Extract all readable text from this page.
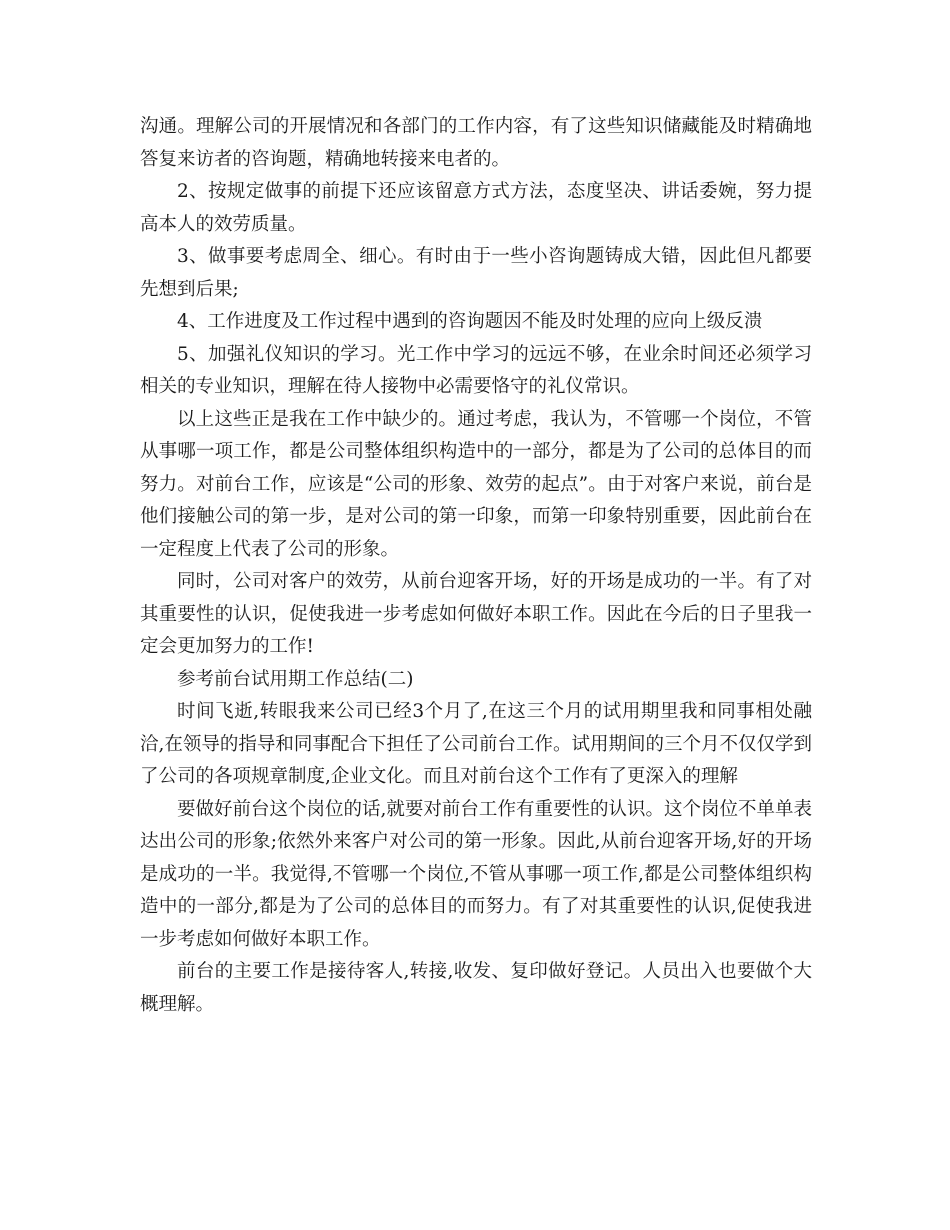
沟通。理解公司的开展情况和各部门的工作内容，有了这些知识储藏能及时精确地答复来访者的咨询题，精确地转接来电者的。

2、按规定做事的前提下还应该留意方式方法，态度坚决、讲话委婉，努力提高本人的效劳质量。

3、做事要考虑周全、细心。有时由于一些小咨询题铸成大错，因此但凡都要先想到后果;

4、工作进度及工作过程中遇到的咨询题因不能及时处理的应向上级反溃

5、加强礼仪知识的学习。光工作中学习的远远不够，在业余时间还必须学习相关的专业知识，理解在待人接物中必需要恪守的礼仪常识。

以上这些正是我在工作中缺少的。通过考虑，我认为，不管哪一个岗位，不管从事哪一项工作，都是公司整体组织构造中的一部分，都是为了公司的总体目的而努力。对前台工作，应该是“公司的形象、效劳的起点”。由于对客户来说，前台是他们接触公司的第一步，是对公司的第一印象，而第一印象特别重要，因此前台在一定程度上代表了公司的形象。

同时，公司对客户的效劳，从前台迎客开场，好的开场是成功的一半。有了对其重要性的认识，促使我进一步考虑如何做好本职工作。因此在今后的日子里我一定会更加努力的工作!

参考前台试用期工作总结(二)

时间飞逝,转眼我来公司已经3个月了,在这三个月的试用期里我和同事相处融洽,在领导的指导和同事配合下担任了公司前台工作。试用期间的三个月不仅仅学到了公司的各项规章制度,企业文化。而且对前台这个工作有了更深入的理解

要做好前台这个岗位的话,就要对前台工作有重要性的认识。这个岗位不单单表达出公司的形象;依然外来客户对公司的第一形象。因此,从前台迎客开场,好的开场是成功的一半。我觉得,不管哪一个岗位,不管从事哪一项工作,都是公司整体组织构造中的一部分,都是为了公司的总体目的而努力。有了对其重要性的认识,促使我进一步考虑如何做好本职工作。

前台的主要工作是接待客人,转接,收发、复印做好登记。人员出入也要做个大概理解。
